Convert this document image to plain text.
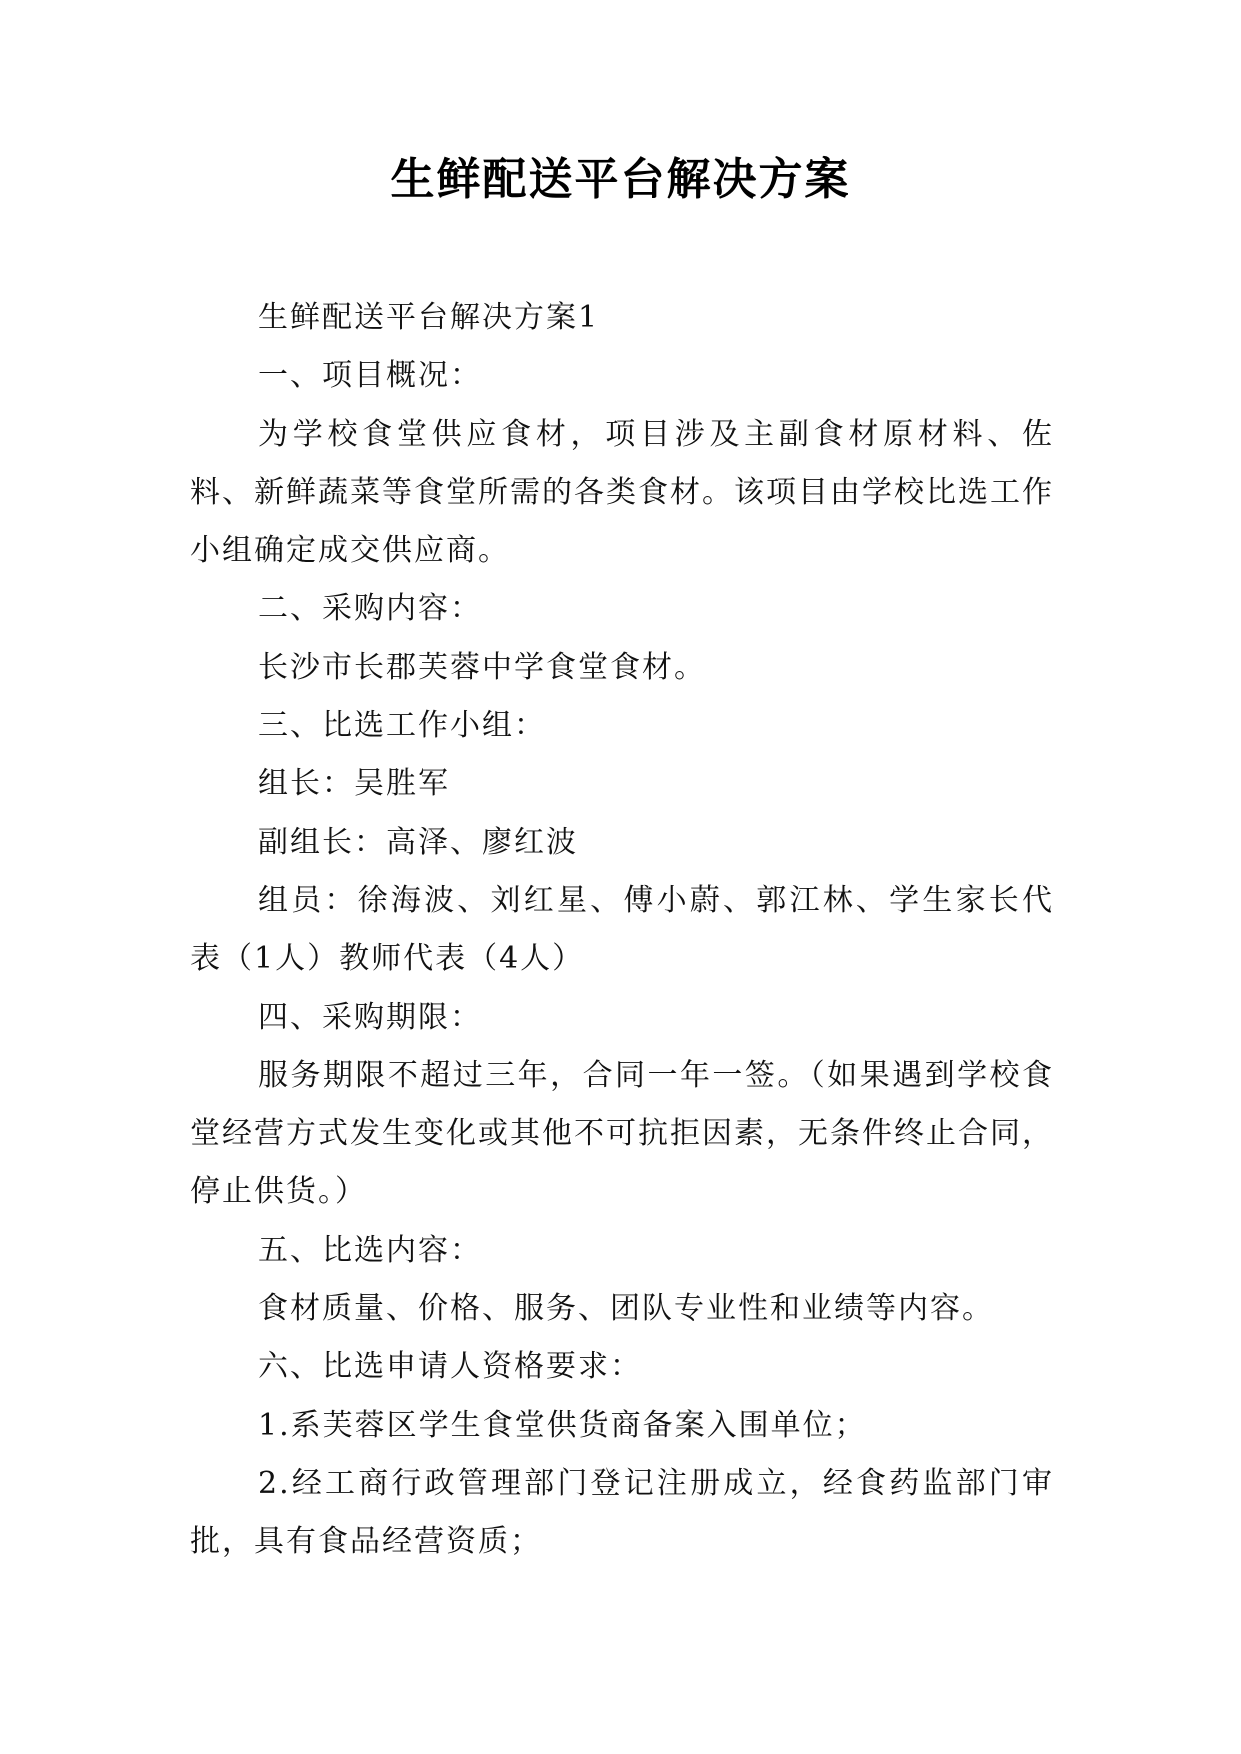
生鲜配送平台解决方案

生鲜配送平台解决方案1

一、项目概况：

为学校食堂供应食材，项目涉及主副食材原材料、佐料、新鲜蔬菜等食堂所需的各类食材。该项目由学校比选工作小组确定成交供应商。

二、采购内容：

长沙市长郡芙蓉中学食堂食材。

三、比选工作小组：

组长：吴胜军

副组长：高泽、廖红波

组员：徐海波、刘红星、傅小蔚、郭江林、学生家长代表（1人）教师代表（4人）

四、采购期限：

服务期限不超过三年，合同一年一签。（如果遇到学校食堂经营方式发生变化或其他不可抗拒因素，无条件终止合同，停止供货。）

五、比选内容：

食材质量、价格、服务、团队专业性和业绩等内容。

六、比选申请人资格要求：

1.系芙蓉区学生食堂供货商备案入围单位；

2.经工商行政管理部门登记注册成立，经食药监部门审批，具有食品经营资质；
